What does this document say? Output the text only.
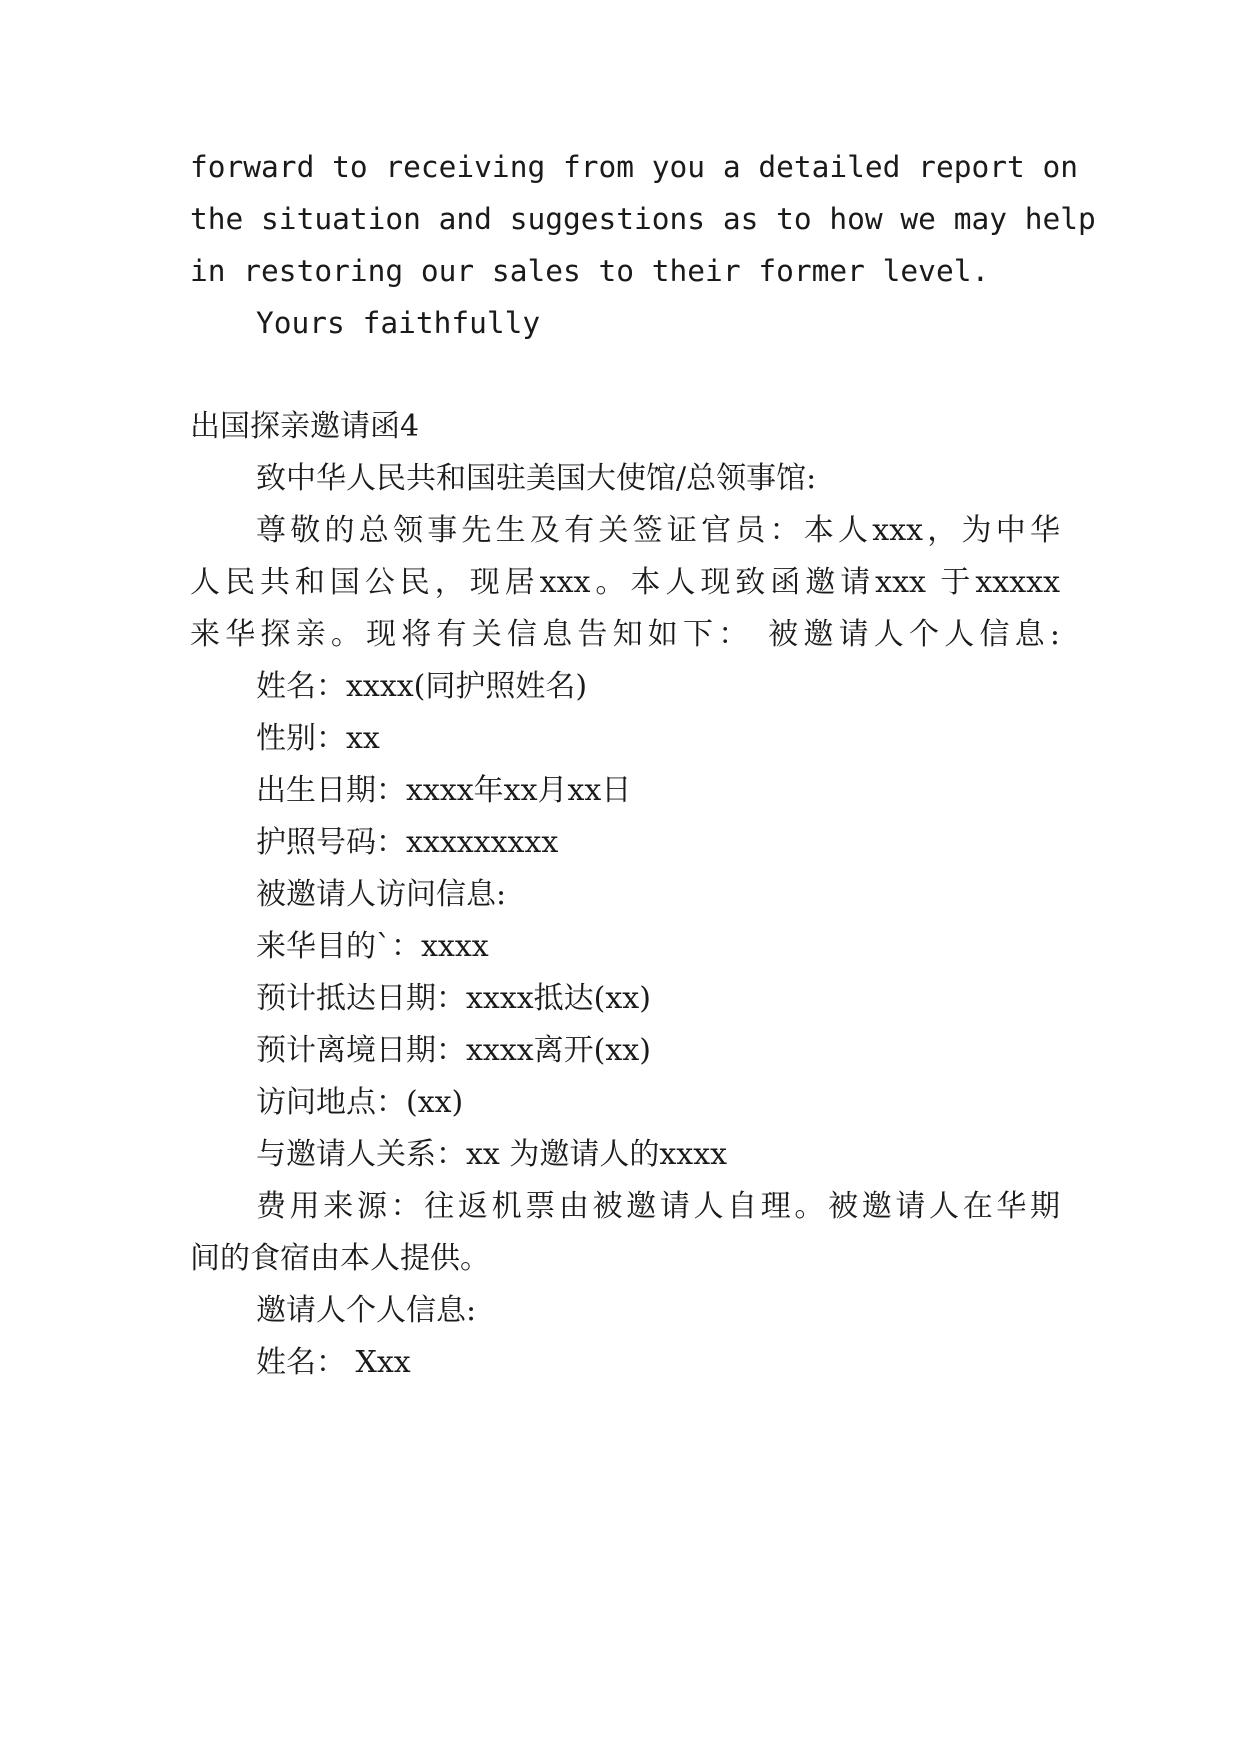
forward to receiving from you a detailed report on
the situation and suggestions as to how we may help
in restoring our sales to their former level.
Yours faithfully
出国探亲邀请函4
致中华人民共和国驻美国大使馆/总领事馆:
尊敬的总领事先生及有关签证官员：本人xxx，为中华
人民共和国公民，现居xxx。本人现致函邀请xxx 于xxxxx
来华探亲。现将有关信息告知如下： 被邀请人个人信息:
姓名：xxxx(同护照姓名)
性别：xx
出生日期：xxxx年xx月xx日
护照号码：xxxxxxxxx
被邀请人访问信息:
来华目的`：xxxx
预计抵达日期：xxxx抵达(xx)
预计离境日期：xxxx离开(xx)
访问地点：(xx)
与邀请人关系：xx 为邀请人的xxxx
费用来源：往返机票由被邀请人自理。被邀请人在华期
间的食宿由本人提供。
邀请人个人信息:
姓名： Xxx
